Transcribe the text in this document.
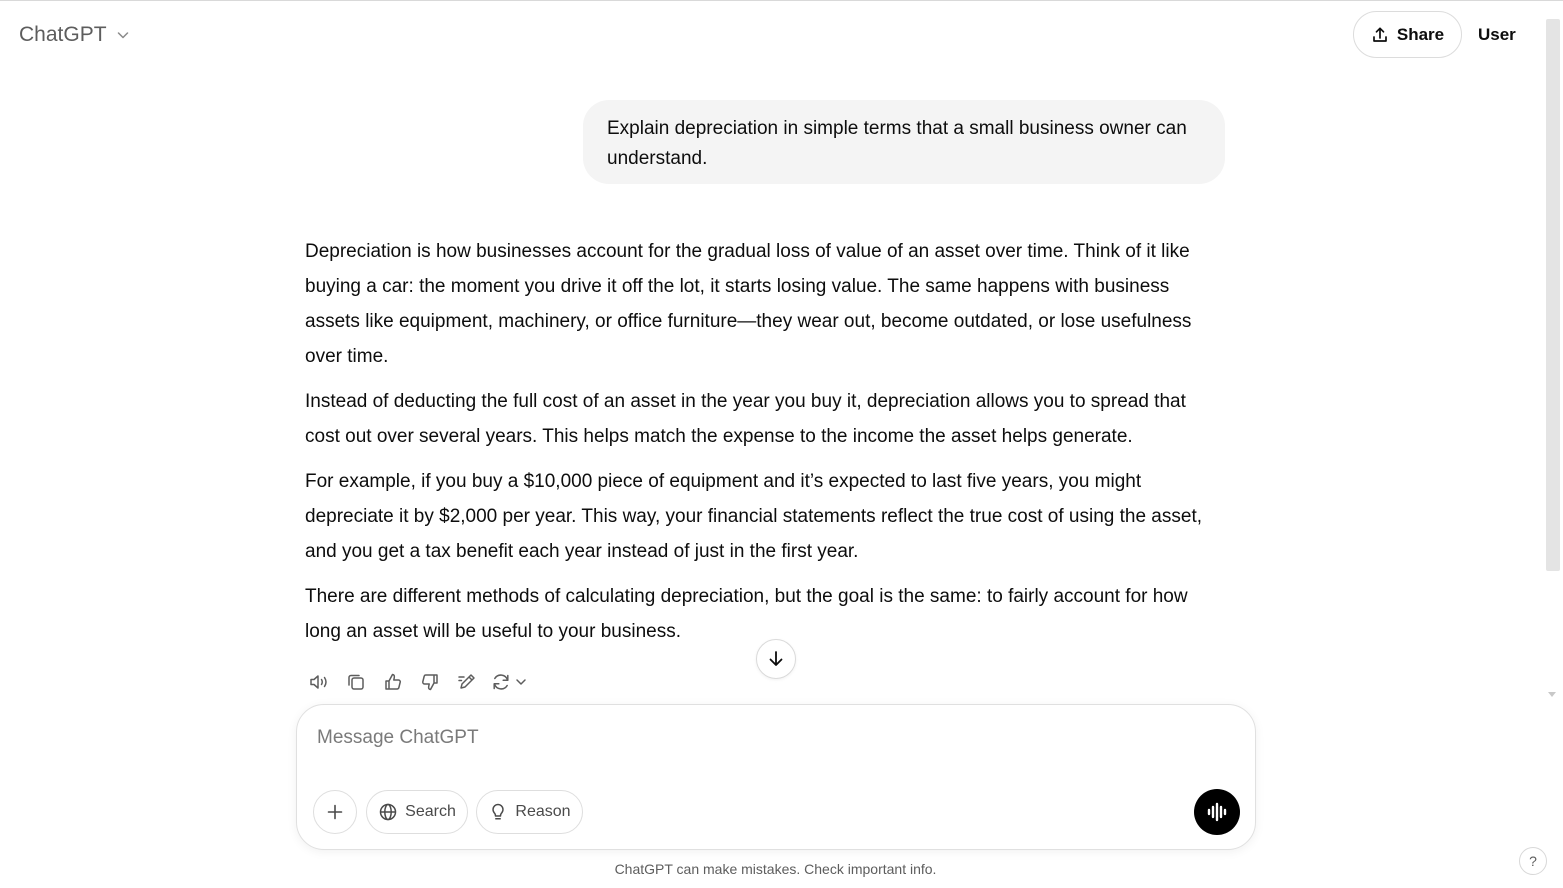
ChatGPT	Share User
Explain depreciation in simple terms that a small business owner can understand.

Depreciation is how businesses account for the gradual loss of value of an asset over time. Think of it like buying a car: the moment you drive it off the lot, it starts losing value. The same happens with business assets like equipment, machinery, or office furniture—they wear out, become outdated, or lose usefulness over time.

Instead of deducting the full cost of an asset in the year you buy it, depreciation allows you to spread that cost out over several years. This helps match the expense to the income the asset helps generate.

For example, if you buy a $10,000 piece of equipment and it’s expected to last five years, you might depreciate it by $2,000 per year. This way, your financial statements reflect the true cost of using the asset, and you get a tax benefit each year instead of just in the first year.

There are different methods of calculating depreciation, but the goal is the same: to fairly account for how long an asset will be useful to your business.

Message ChatGPT
Search	Reason
ChatGPT can make mistakes. Check important info.	?
